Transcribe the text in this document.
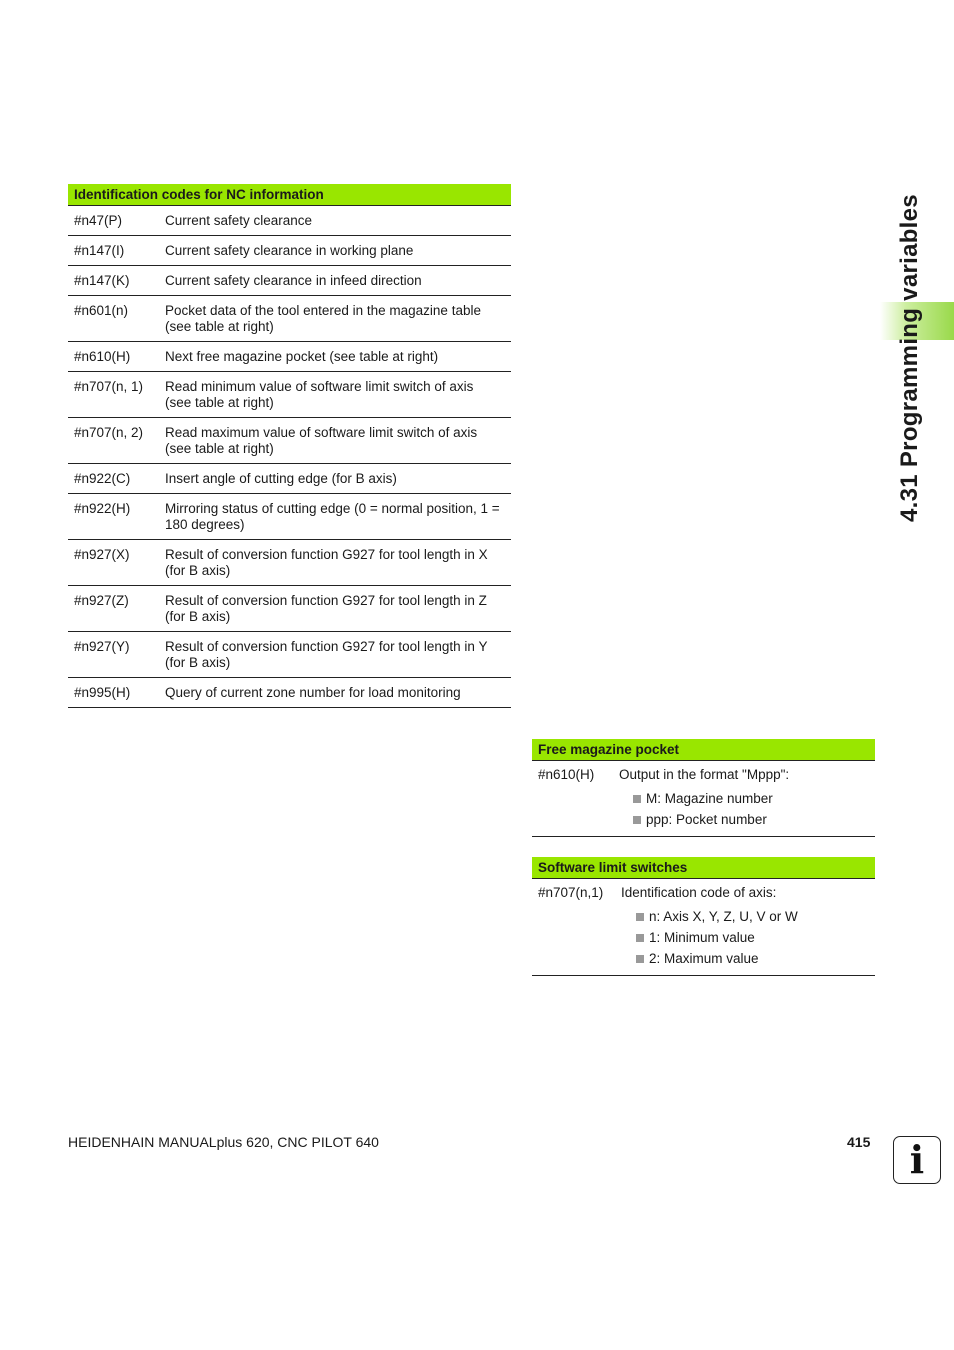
Identification codes for NC information
#n47(P)	Current safety clearance
#n147(I)	Current safety clearance in working plane
#n147(K)	Current safety clearance in infeed direction
#n601(n)	Pocket data of the tool entered in the magazine table (see table at right)
#n610(H)	Next free magazine pocket (see table at right)
#n707(n, 1)	Read minimum value of software limit switch of axis (see table at right)
#n707(n, 2)	Read maximum value of software limit switch of axis (see table at right)
#n922(C)	Insert angle of cutting edge (for B axis)
#n922(H)	Mirroring status of cutting edge (0 = normal position, 1 = 180 degrees)
#n927(X)	Result of conversion function G927 for tool length in X (for B axis)
#n927(Z)	Result of conversion function G927 for tool length in Z (for B axis)
#n927(Y)	Result of conversion function G927 for tool length in Y (for B axis)
#n995(H)	Query of current zone number for load monitoring
Free magazine pocket
#n610(H)	Output in the format "Mppp":
M: Magazine number
ppp: Pocket number
Software limit switches
#n707(n,1)	Identification code of axis:
n: Axis X, Y, Z, U, V or W
1: Minimum value
2: Maximum value
4.31 Programming variables
HEIDENHAIN MANUALplus 620, CNC PILOT 640	415	i
